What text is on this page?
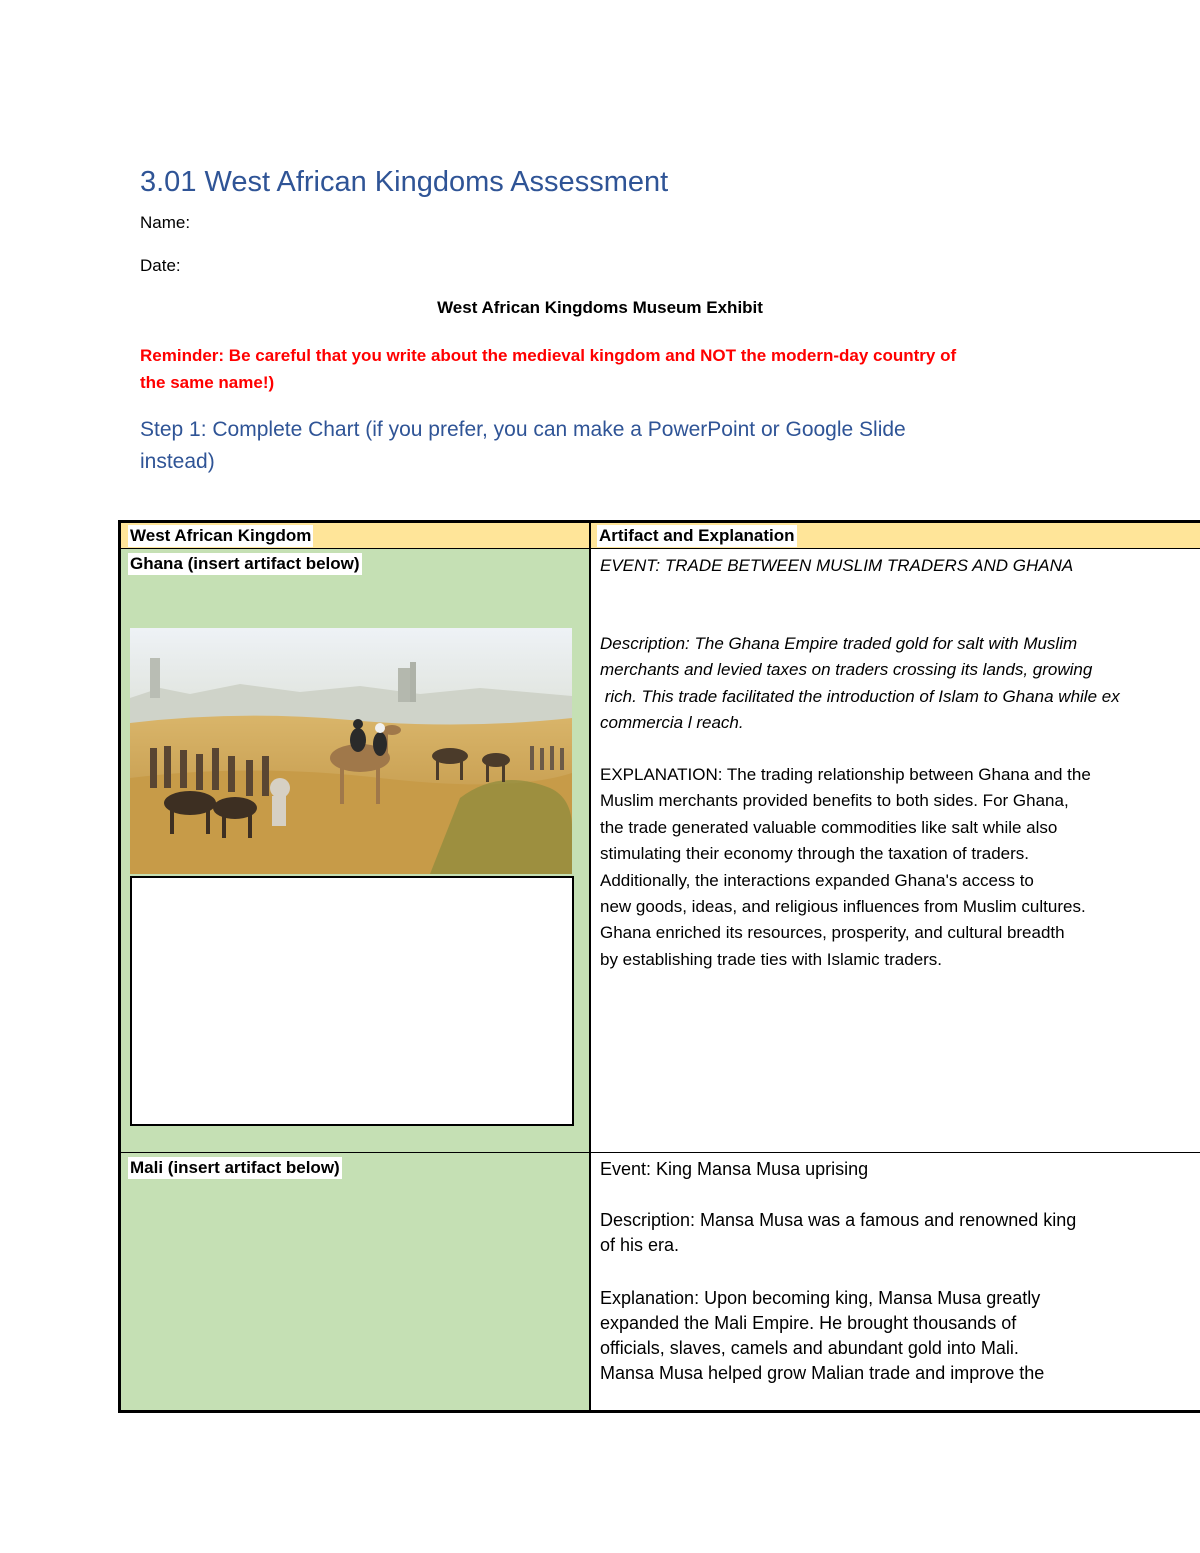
3.01 West African Kingdoms Assessment
Name:
Date:
West African Kingdoms Museum Exhibit
Reminder: Be careful that you write about the medieval kingdom and NOT the modern-day country of
the same name!)
Step 1: Complete Chart (if you prefer, you can make a PowerPoint or Google Slide
instead)
West African Kingdom	Artifact and Explanation
Ghana (insert artifact below)	EVENT: TRADE BETWEEN MUSLIM TRADERS AND GHANA
Description: The Ghana Empire traded gold for salt with Muslim
merchants and levied taxes on traders crossing its lands, growing
rich. This trade facilitated the introduction of Islam to Ghana while ex
commercia l reach.
EXPLANATION: The trading relationship between Ghana and the
Muslim merchants provided benefits to both sides. For Ghana,
the trade generated valuable commodities like salt while also
stimulating their economy through the taxation of traders.
Additionally, the interactions expanded Ghana's access to
new goods, ideas, and religious influences from Muslim cultures.
Ghana enriched its resources, prosperity, and cultural breadth
by establishing trade ties with Islamic traders.
Mali (insert artifact below)	Event: King Mansa Musa uprising
Description: Mansa Musa was a famous and renowned king
of his era.
Explanation: Upon becoming king, Mansa Musa greatly
expanded the Mali Empire. He brought thousands of
officials, slaves, camels and abundant gold into Mali.
Mansa Musa helped grow Malian trade and improve the
